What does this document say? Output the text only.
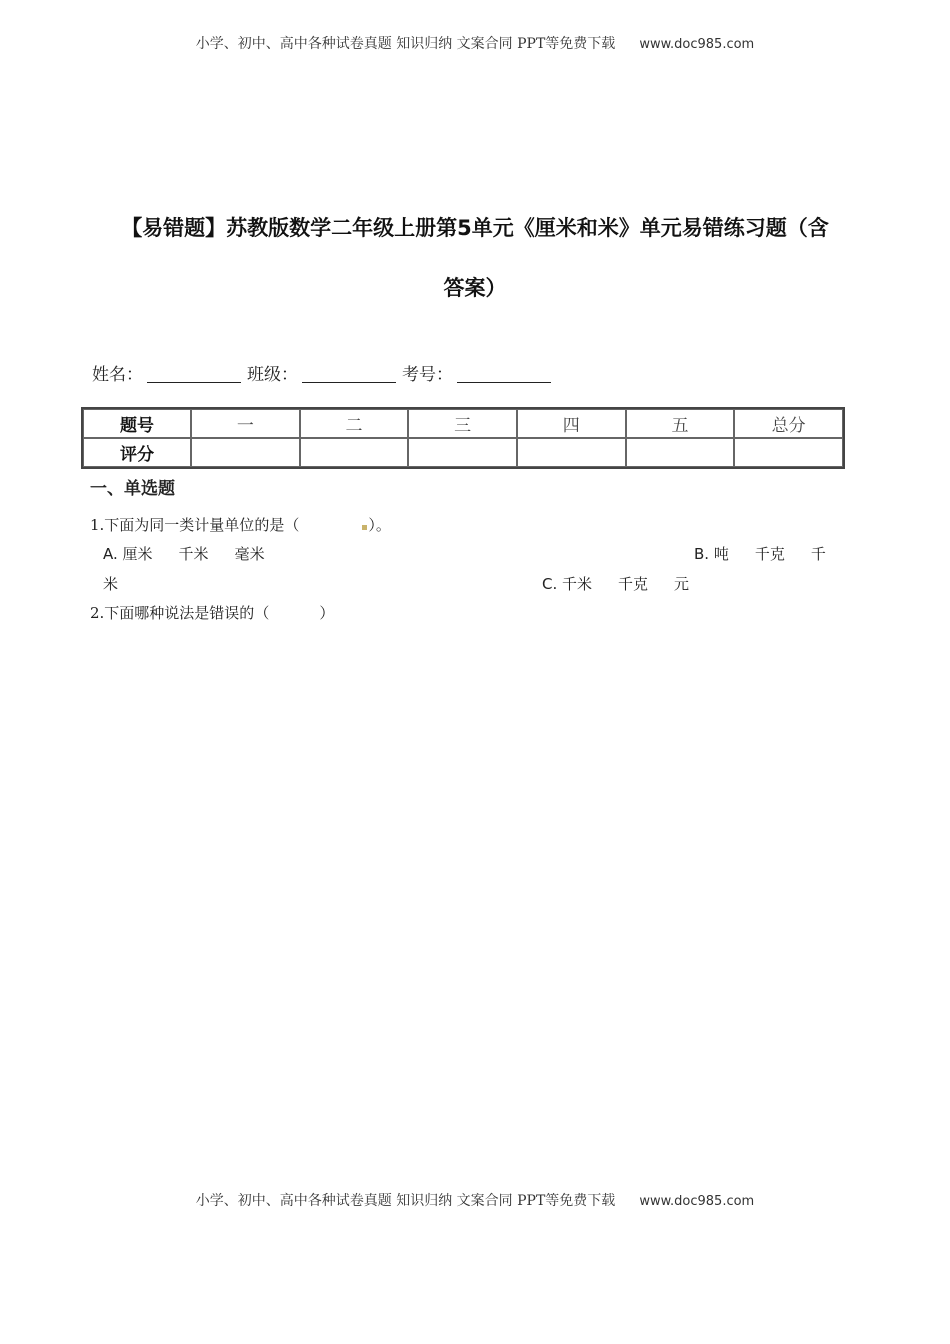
小学、初中、高中各种试卷真题 知识归纳 文案合同 PPT等免费下载 www.doc985.com
【易错题】苏教版数学二年级上册第5单元《厘米和米》单元易错练习题（含
答案）
姓名：	班级：	考号：
题号	一	二	三	四	五	总分
评分						
一、单选题
1.下面为同一类计量单位的是（	）。
A. 厘米 千米 毫米	B. 吨 千克 千
米	C. 千米 千克 元
2.下面哪种说法是错误的（	）
小学、初中、高中各种试卷真题 知识归纳 文案合同 PPT等免费下载 www.doc985.com
